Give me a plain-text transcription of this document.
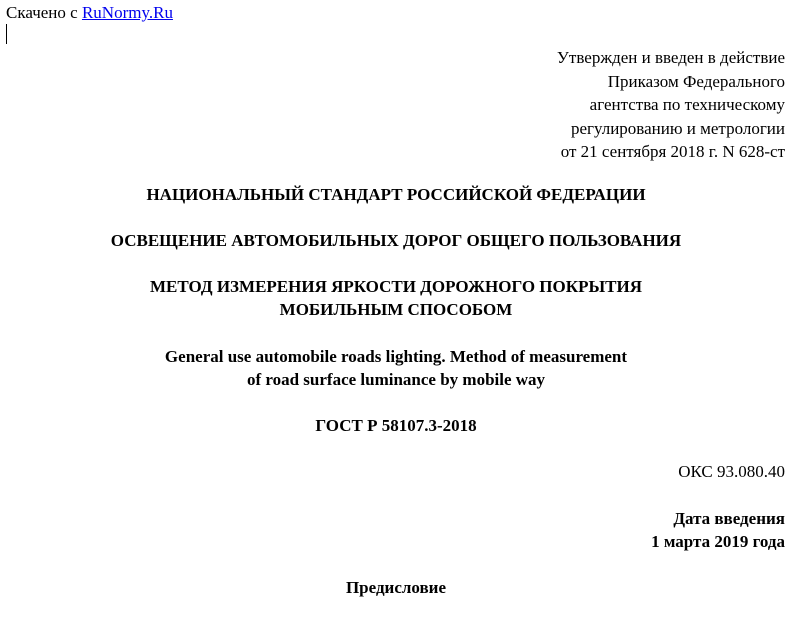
Скачено с RuNormy.Ru
Утвержден и введен в действие
Приказом Федерального
агентства по техническому
регулированию и метрологии
от 21 сентября 2018 г. N 628-ст
НАЦИОНАЛЬНЫЙ СТАНДАРТ РОССИЙСКОЙ ФЕДЕРАЦИИ
ОСВЕЩЕНИЕ АВТОМОБИЛЬНЫХ ДОРОГ ОБЩЕГО ПОЛЬЗОВАНИЯ
МЕТОД ИЗМЕРЕНИЯ ЯРКОСТИ ДОРОЖНОГО ПОКРЫТИЯ
МОБИЛЬНЫМ СПОСОБОМ
General use automobile roads lighting. Method of measurement
of road surface luminance by mobile way
ГОСТ Р 58107.3-2018
ОКС 93.080.40
Дата введения
1 марта 2019 года
Предисловие
